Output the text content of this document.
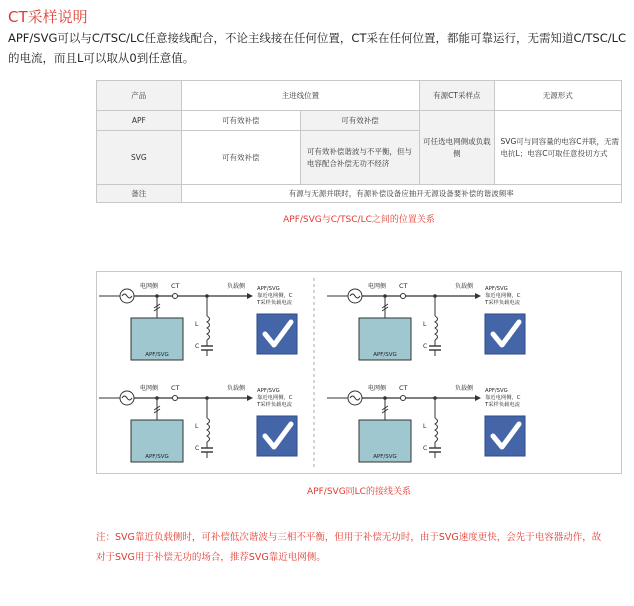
CT采样说明
APF/SVG可以与C/TSC/LC任意接线配合，不论主线接在任何位置，CT采在任何位置，都能可靠运行，无需知道C/TSC/LC的电流，而且L可以取从0到任意值。
产品	主进线位置		有源CT采样点	无源形式
APF	可有效补偿	可有效补偿	可任选电网侧或负载侧	SVG可与同容量的电容C并联，无需电抗L；电容C可取任意投切方式
SVG	可有效补偿	可有效补偿谐波与不平衡，但与电容配合补偿无功不经济		
备注	有源与无源并联时，有源补偿设备应抽开无源设备要补偿的谐波频率			
APF/SVG与C/TSC/LC之间的位置关系
电网侧 CT	负载侧
APF/SVG
L
C
APF/SVG 靠近电网侧，C T采样负载电流
电网侧 CT	负载侧
APF/SVG
L
C
APF/SVG 靠近电网侧，C T采样负载电流
电网侧 CT	负载侧
APF/SVG
L
C
APF/SVG 靠近电网侧，C T采样负载电流
电网侧 CT	负载侧
APF/SVG
L
C
APF/SVG 靠近电网侧，C T采样负载电流
APF/SVG同LC的接线关系
注：SVG靠近负载侧时，可补偿低次谐波与三相不平衡，但用于补偿无功时，由于SVG速度更快，会先于电容器动作，故对于SVG用于补偿无功的场合，推荐SVG靠近电网侧。
